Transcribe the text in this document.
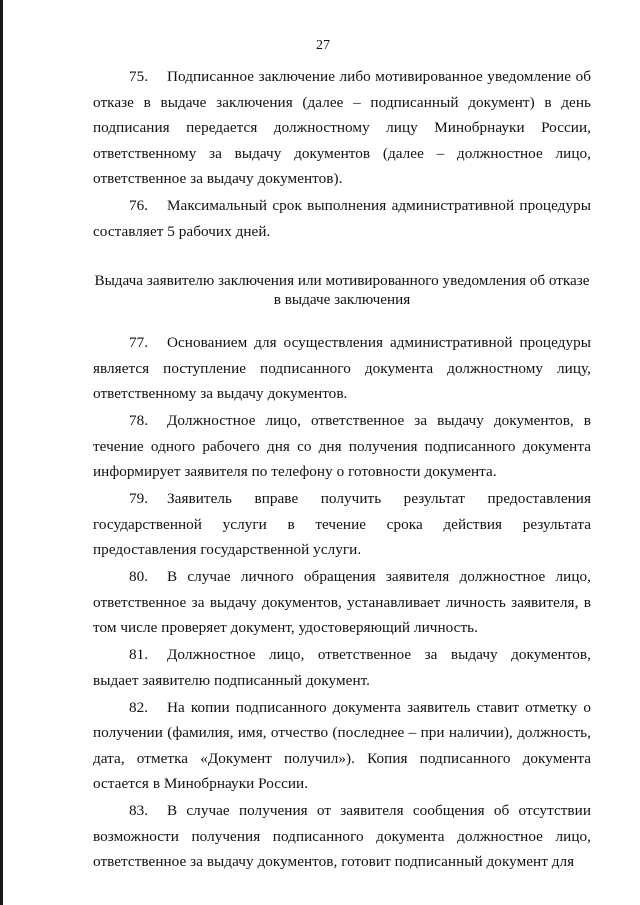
27

75. Подписанное заключение либо мотивированное уведомление об отказе в выдаче заключения (далее – подписанный документ) в день подписания передается должностному лицу Минобрнауки России, ответственному за выдачу документов (далее – должностное лицо, ответственное за выдачу документов).

76. Максимальный срок выполнения административной процедуры составляет 5 рабочих дней.

Выдача заявителю заключения или мотивированного уведомления об отказе
в выдаче заключения

77. Основанием для осуществления административной процедуры является поступление подписанного документа должностному лицу, ответственному за выдачу документов.

78. Должностное лицо, ответственное за выдачу документов, в течение одного рабочего дня со дня получения подписанного документа информирует заявителя по телефону о готовности документа.

79. Заявитель вправе получить результат предоставления государственной услуги в течение срока действия результата предоставления государственной услуги.

80. В случае личного обращения заявителя должностное лицо, ответственное за выдачу документов, устанавливает личность заявителя, в том числе проверяет документ, удостоверяющий личность.

81. Должностное лицо, ответственное за выдачу документов, выдает заявителю подписанный документ.

82. На копии подписанного документа заявитель ставит отметку о получении (фамилия, имя, отчество (последнее – при наличии), должность, дата, отметка «Документ получил»). Копия подписанного документа остается в Минобрнауки России.

83. В случае получения от заявителя сообщения об отсутствии возможности получения подписанного документа должностное лицо, ответственное за выдачу документов, готовит подписанный документ для
